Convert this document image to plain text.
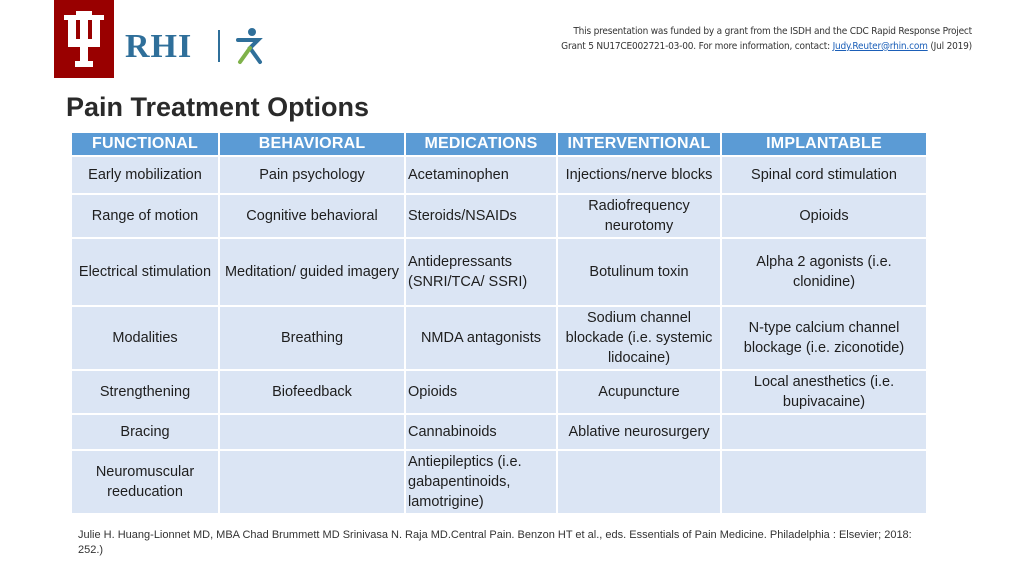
RHI	This presentation was funded by a grant from the ISDH and the CDC Rapid Response Project
Grant 5 NU17CE002721-03-00. For more information, contact: Judy.Reuter@rhin.com (Jul 2019)
Pain Treatment Options
FUNCTIONAL	BEHAVIORAL	MEDICATIONS	INTERVENTIONAL	IMPLANTABLE
Early mobilization	Pain psychology	Acetaminophen	Injections/nerve blocks	Spinal cord stimulation
Range of motion	Cognitive behavioral	Steroids/NSAIDs	Radiofrequency neurotomy	Opioids
Electrical stimulation	Meditation/ guided imagery	Antidepressants (SNRI/TCA/ SSRI)	Botulinum toxin	Alpha 2 agonists (i.e. clonidine)
Modalities	Breathing	NMDA antagonists	Sodium channel blockade (i.e. systemic lidocaine)	N-type calcium channel blockage (i.e. ziconotide)
Strengthening	Biofeedback	Opioids	Acupuncture	Local anesthetics (i.e. bupivacaine)
Bracing		Cannabinoids	Ablative neurosurgery	
Neuromuscular reeducation		Antiepileptics (i.e. gabapentinoids, lamotrigine)		
Julie H. Huang-Lionnet MD, MBA Chad Brummett MD Srinivasa N. Raja MD.Central Pain. Benzon HT et al., eds. Essentials of Pain Medicine. Philadelphia : Elsevier; 2018: 252.)
